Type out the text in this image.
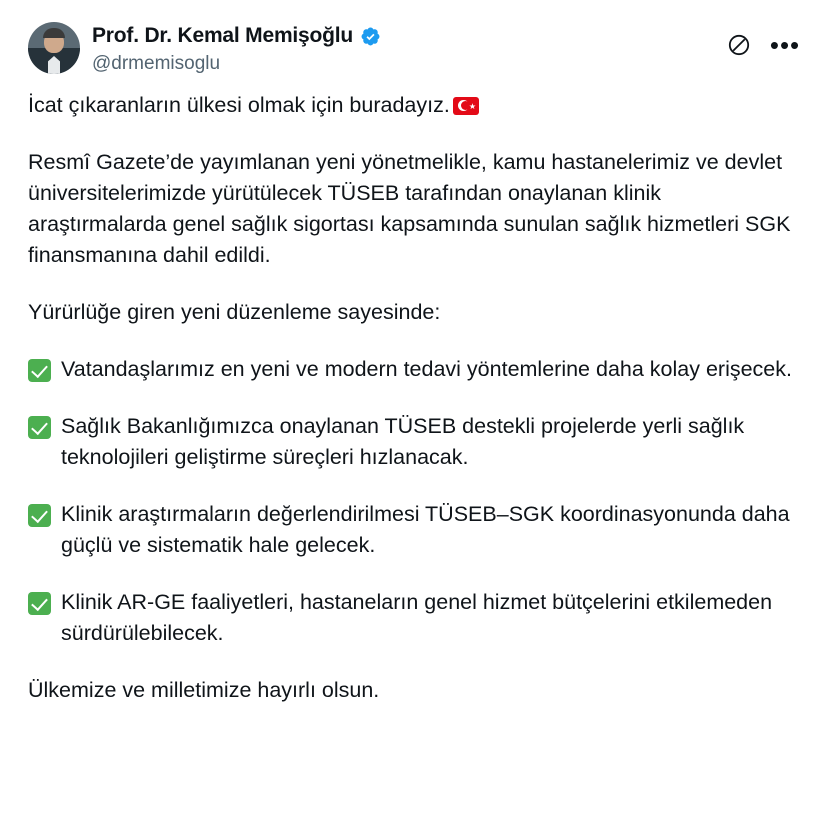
Prof. Dr. Kemal Memişoğlu
@drmemisoglu
•••

İcat çıkaranların ülkesi olmak için buradayız. ★

Resmî Gazete’de yayımlanan yeni yönetmelikle, kamu hastanelerimiz ve devlet üniversitelerimizde yürütülecek TÜSEB tarafından onaylanan klinik araştırmalarda genel sağlık sigortası kapsamında sunulan sağlık hizmetleri SGK finansmanına dahil edildi.

Yürürlüğe giren yeni düzenleme sayesinde:

Vatandaşlarımız en yeni ve modern tedavi yöntemlerine daha kolay erişecek.
Sağlık Bakanlığımızca onaylanan TÜSEB destekli projelerde yerli sağlık teknolojileri geliştirme süreçleri hızlanacak.
Klinik araştırmaların değerlendirilmesi TÜSEB–SGK koordinasyonunda daha güçlü ve sistematik hale gelecek.
Klinik AR-GE faaliyetleri, hastaneların genel hizmet bütçelerini etkilemeden sürdürülebilecek.

Ülkemize ve milletimize hayırlı olsun.
